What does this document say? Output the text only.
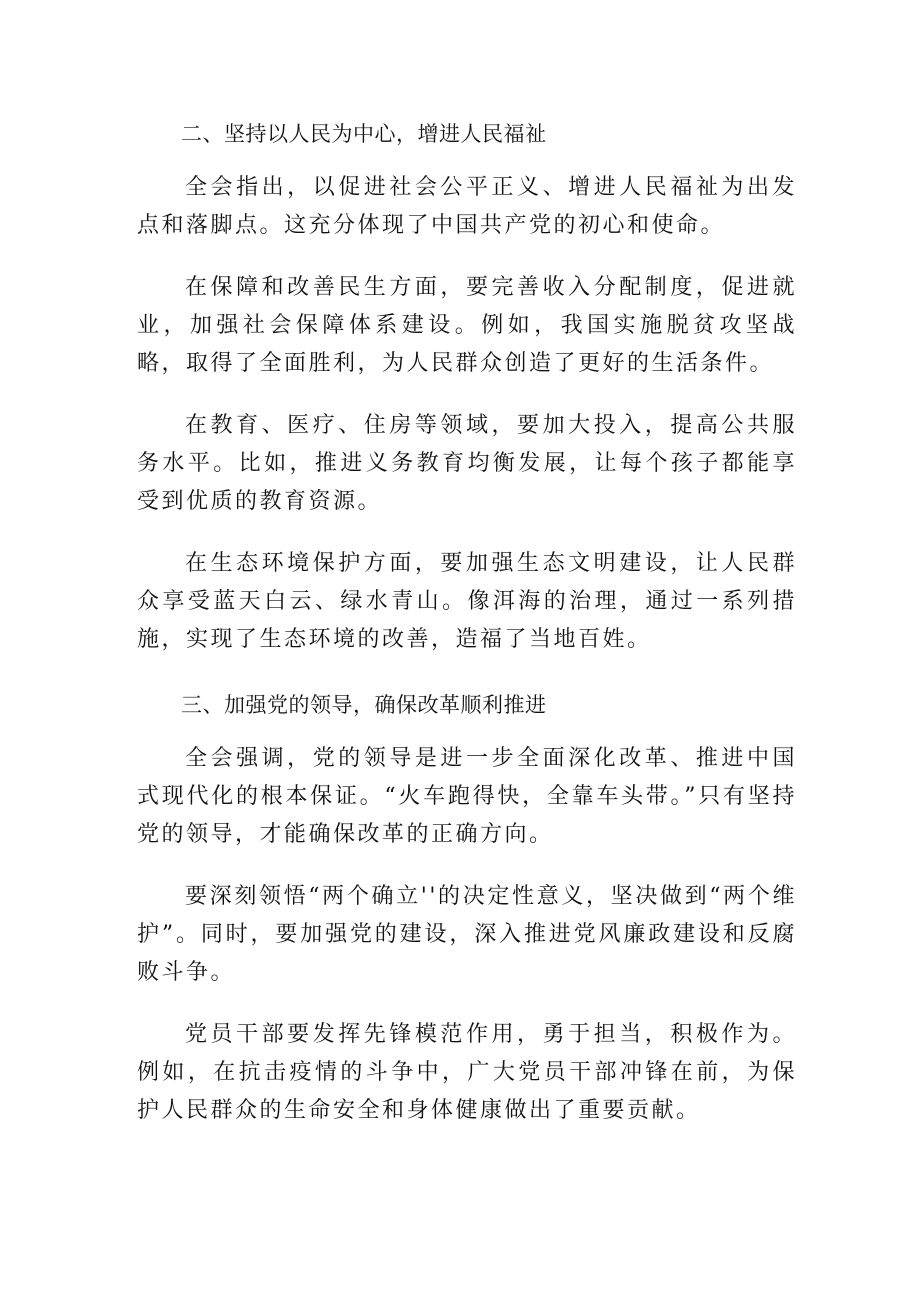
二、坚持以人民为中心，增进人民福祉

全会指出，以促进社会公平正义、增进人民福祉为出发点和落脚点。这充分体现了中国共产党的初心和使命。

在保障和改善民生方面，要完善收入分配制度，促进就业，加强社会保障体系建设。例如，我国实施脱贫攻坚战略，取得了全面胜利，为人民群众创造了更好的生活条件。

在教育、医疗、住房等领域，要加大投入，提高公共服务水平。比如，推进义务教育均衡发展，让每个孩子都能享受到优质的教育资源。

在生态环境保护方面，要加强生态文明建设，让人民群众享受蓝天白云、绿水青山。像洱海的治理，通过一系列措施，实现了生态环境的改善，造福了当地百姓。

三、加强党的领导，确保改革顺利推进

全会强调，党的领导是进一步全面深化改革、推进中国式现代化的根本保证。“火车跑得快，全靠车头带。”只有坚持党的领导，才能确保改革的正确方向。

要深刻领悟“两个确立''的决定性意义，坚决做到“两个维护”。同时，要加强党的建设，深入推进党风廉政建设和反腐败斗争。

党员干部要发挥先锋模范作用，勇于担当，积极作为。例如，在抗击疫情的斗争中，广大党员干部冲锋在前，为保护人民群众的生命安全和身体健康做出了重要贡献。
